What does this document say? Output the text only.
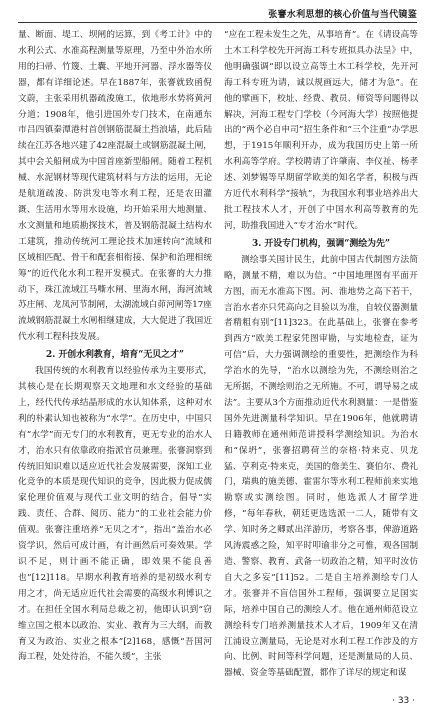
张謇水利思想的核心价值与当代镜鉴

量、断面、堤工、坝闸的运算，到《考工计》中的水利公式、水准高程测量等原理，乃至中外治水所用的扫帚、竹篾、土囊、平地开河器、浮水器等仪器，都有详细论述。早在1887年，张謇就致函倪文蔚，主张采用机器疏浚施工，依地形水势将黄河分道；1908年，他引进国外专门技术，在南通东市吕四镇秦潭港村首创钢筋混凝土挡浪墙，此后陆续在江苏各地兴建了42座混凝土或钢筋混凝土闸，其中会关船闸成为中国首座新型船闸。随着工程机械、水泥钢材等现代建筑材料与方法的运用，无论是航道疏浚、防洪发电等水利工程，还是农田灌溉、生活用水等用水设施，均开始采用大地测量、水文测量和地质勘探技术，普及钢筋混凝土结构水工建筑，推动传统河工理论技术加速转向“流域和区域相匹配、骨干和配套相衔接、保护和治理相统筹”的近代化水利工程开发模式。在张謇的大力推动下，珠江流域江马嘶水闸、里海水闸，海河流域苏庄闸、龙凤河节制闸，太湖流域白茆河闸等17座流域钢筋混凝土水闸相继建成，大大促进了我国近代水利工程科技发展。

2. 开创水利教育，培育“无贝之才”

我国传统的水利教育以经验传承为主要形式，其核心是在长期观察天文地理和水文经验的基础上，经代代传承结晶形成的水认知体系，这种对水利的朴素认知也被称为“水学”。在历史中，中国只有“水学”而无专门的水利教育，更无专业的治水人才，治水只有依靠政府指派官员兼理。张謇洞察到传统旧知识难以适应近代社会发展需要，深知工业化竞争的本质是现代知识的竞争，因此极力促成儒家伦理价值观与现代工业文明的结合，倡导“实践、责任、合群、阅历、能力”的工业社会能力价值观。张謇注重培养“无贝之才”，指出“盖治水必资学识，然后可成计画，有计画然后可奏效果。学识不足，则计画不能正确，即效果不能良善也”[12]118。早期水利教育培养的是初级水利专用之才，尚无适应近代社会需要的高级水利博识之才。在担任全国水利局总裁之初，他即认识到“窃维立国之根本以政治、实业、教育为三大纲，而教育又为政治、实业之根本”[2]168，感慨“吾国河海工程，处处待治，不能久缓”，主张

“应在工程未发生之先，从事培育”。在《请设高等土木工科学校先开河海工科专班拟具办法呈》中，他明确强调“即以设立高等土木工科学校，先开河海工科专班为请，诚以规画远大，储才为急”。在他的擘画下，校址、经费、教员、师资等问题得以解决，河海工程专门学校（今河海大学）按照他提出的“两个必自申司”招生条件和“三个注重”办学思想，于1915年顺利开办，成为我国历史上第一所水利高等学府。学校聘请了许肇南、李仪祉、杨孝述、刘梦锡等早期留学欧美的知名学者，积极与西方近代水利科学“接轨”，为我国水利事业培养出大批工程技术人才，开创了中国水利高等教育的先河，助推我国进入“专才治水”时代。

3. 开设专门机构，强调“测绘为先”

测绘事关国计民生，此前中国古代制图方法简略，测量不精，难以为信。“中国地理图有平面开方图，而无水准高下图。河、淮地势之高下若干，言治水者亦只凭高向之目验以为准，自较仪器测量者精粗有别”[11]323。在此基础上，张謇在参考到西方“欧美工程家凭图审勘，与实地检查，证为可信”后，大力强调测绘的重要性，把测绘作为科学治水的先导，“治水以测绘为先，不测绘则治之无所据，不测绘则治之无所施。不可，谓导易之成法”。主要从3个方面推动近代水利测量：一是借鉴国外先进测量科学知识。早在1906年，他就聘请日籍教师在通州师范讲授科学测绘知识。为治水和“保坍”，张謇招聘荷兰的奈格·特来克、贝龙猛、亨利克·特来克，美国的詹美生、赛伯尔、费礼门，瑞典的施美德、霍雷尔等水利工程师前来实地勘察或实测绘图。同时，他选派人才留学进修，“每年春秋，朝廷更选选派一二人，随带有文学、知时务之卿贰出洋游历，考察各事，俾游道路风涛震惑之险，知平时叩谕非分之可惟，观各国制造、警察、教育、武备一切政治之精，知平时汝仿自大之多妄”[11]52。二是自主培养测绘专门人才。张謇并不盲信国外工程师，强调要立足国实际，培养中国自己的测绘人才。他在通州师范设立测绘科专门培养测量技术人才后，1909年又在清江浦设立测量局，无论是对水利工程工作涉及的方向、比例、时间等科学问题，还是测量局的人员、器械、资金等基础配置，都作了详尽的规定和谋

· 33 ·
